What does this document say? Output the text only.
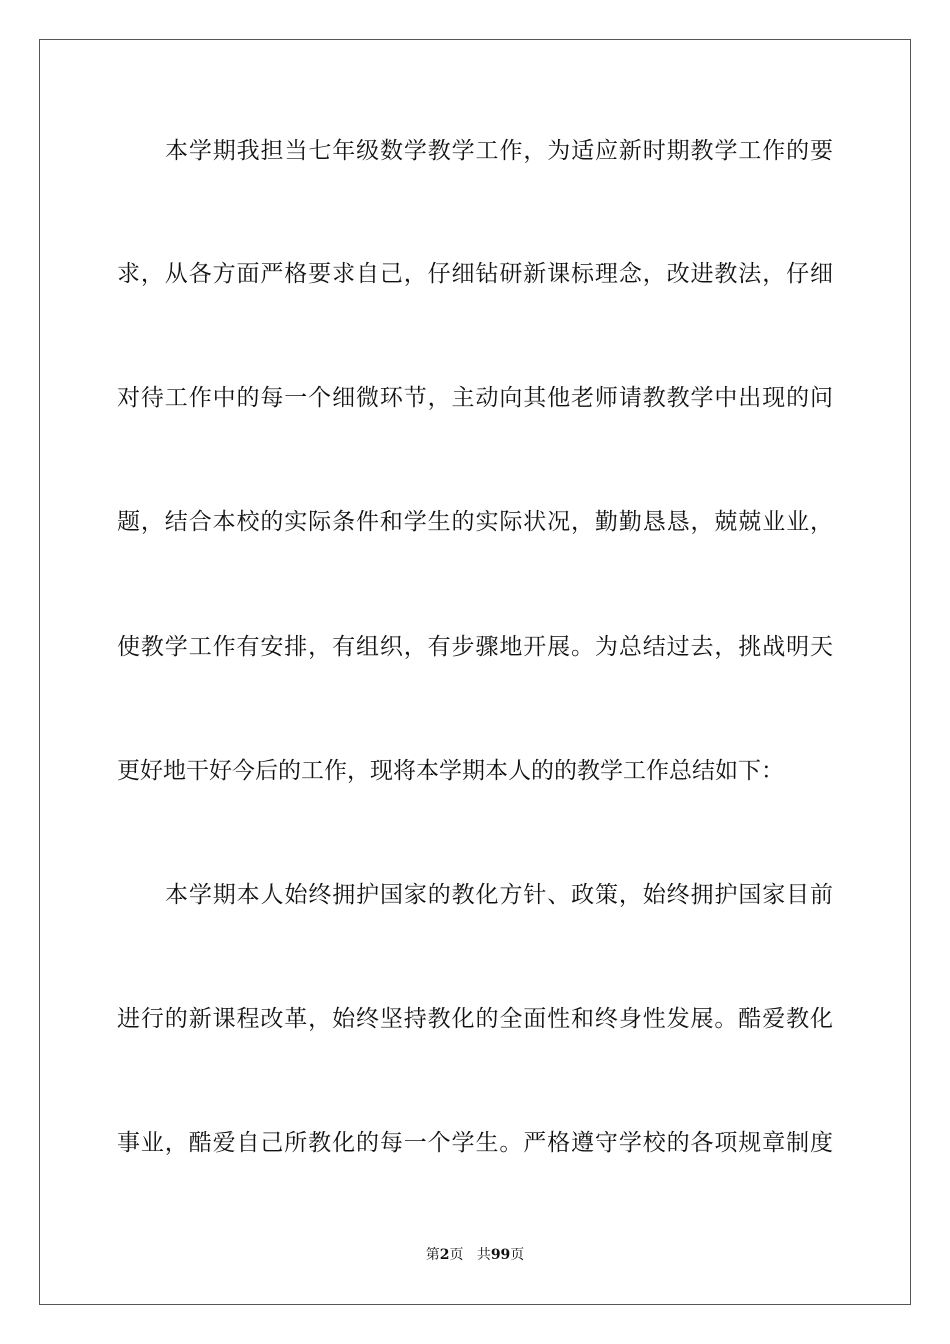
本学期我担当七年级数学教学工作，为适应新时期教学工作的要
求，从各方面严格要求自己，仔细钻研新课标理念，改进教法，仔细
对待工作中的每一个细微环节，主动向其他老师请教教学中出现的问
题，结合本校的实际条件和学生的实际状况，勤勤恳恳，兢兢业业，
使教学工作有安排，有组织，有步骤地开展。为总结过去，挑战明天
更好地干好今后的工作，现将本学期本人的的教学工作总结如下：
本学期本人始终拥护国家的教化方针、政策，始终拥护国家目前
进行的新课程改革，始终坚持教化的全面性和终身性发展。酷爱教化
事业，酷爱自己所教化的每一个学生。严格遵守学校的各项规章制度
第2页 共99页
